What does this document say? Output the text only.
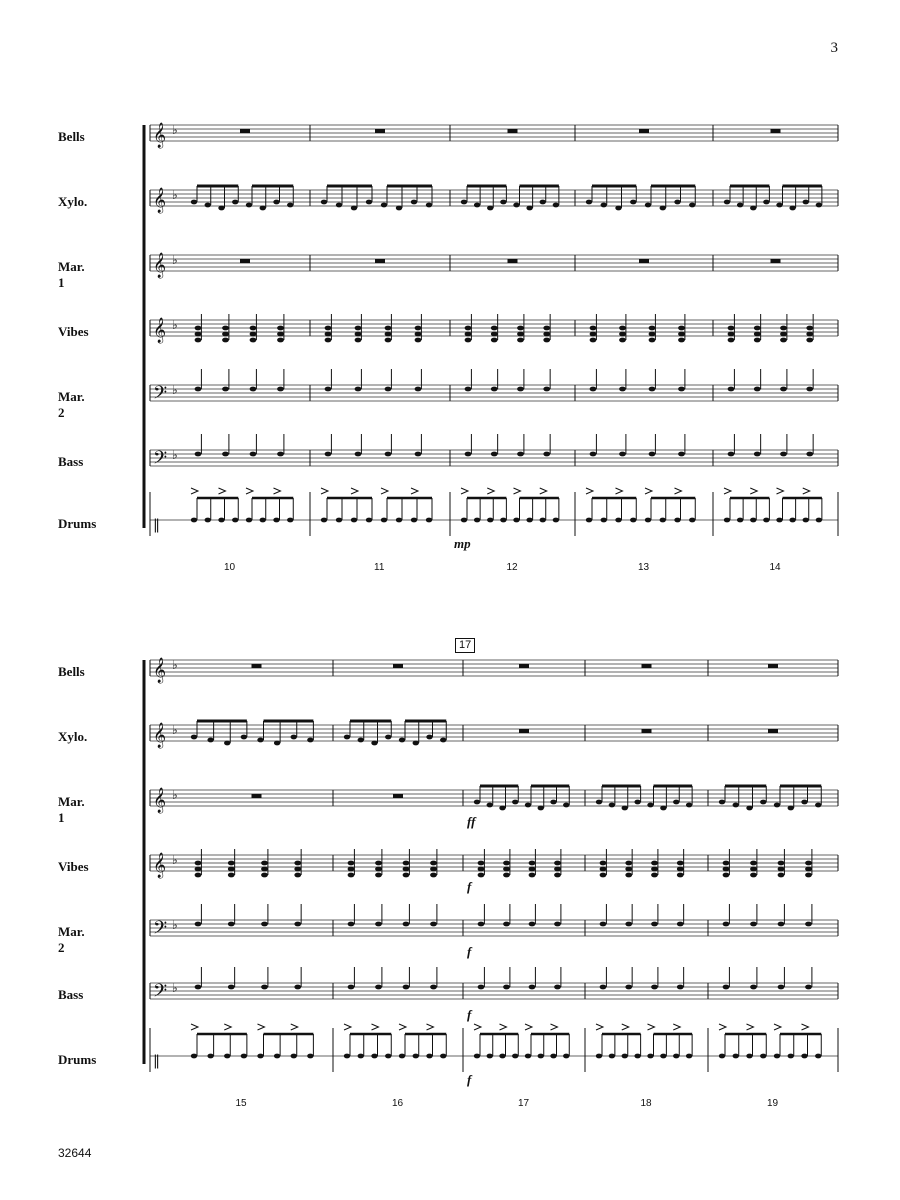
3
32644
𝄞 ♭
𝄞 ♭
𝄞 ♭
𝄞 ♭
𝄢 ♭
𝄢 ♭
‖
Bells
Xylo.
Mar. 1
Vibes
Mar. 2
Bass
Drums
10	11	12	13	14
mp
𝄞 ♭
𝄞 ♭
𝄞 ♭
𝄞 ♭
𝄢 ♭
𝄢 ♭
‖
Bells
Xylo.
Mar. 1
Vibes
Mar. 2
Bass
Drums
15	16	17	18	19
ff
f
f
f
f
17
